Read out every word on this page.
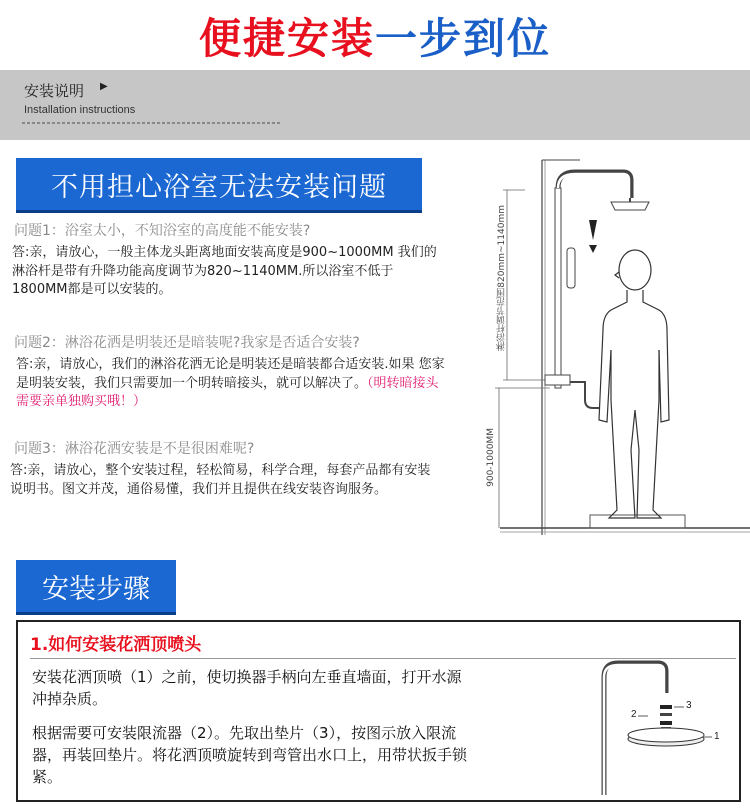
便捷安装一步到位
安装说明 ▶
Installation instructions
不用担心浴室无法安装问题
问题1：浴室太小，不知浴室的高度能不能安装?
答:亲，请放心，一般主体龙头距离地面安装高度是900~1000MM 我们的淋浴杆是带有升降功能高度调节为820~1140MM.所以浴室不低于1800MM都是可以安装的。
问题2：淋浴花洒是明装还是暗装呢?我家是否适合安装?
答:亲，请放心，我们的淋浴花洒无论是明装还是暗装都合适安装.如果 您家是明装安装，我们只需要加一个明转暗接头，就可以解决了。（明转暗接头需要亲单独购买哦！）
问题3：淋浴花洒安装是不是很困难呢?
答:亲，请放心，整个安装过程，轻松简易，科学合理，每套产品都有安装说明书。图文并茂，通俗易懂，我们并且提供在线安装咨询服务。
淋浴杆调节范围820mm~1140mm
900-1000MM
安装步骤
1.如何安装花洒顶喷头
安装花洒顶喷（1）之前，使切换器手柄向左垂直墙面，打开水源冲掉杂质。
根据需要可安装限流器（2）。先取出垫片（3），按图示放入限流器，再装回垫片。将花洒顶喷旋转到弯管出水口上，用带状扳手锁紧。
2
3
1
